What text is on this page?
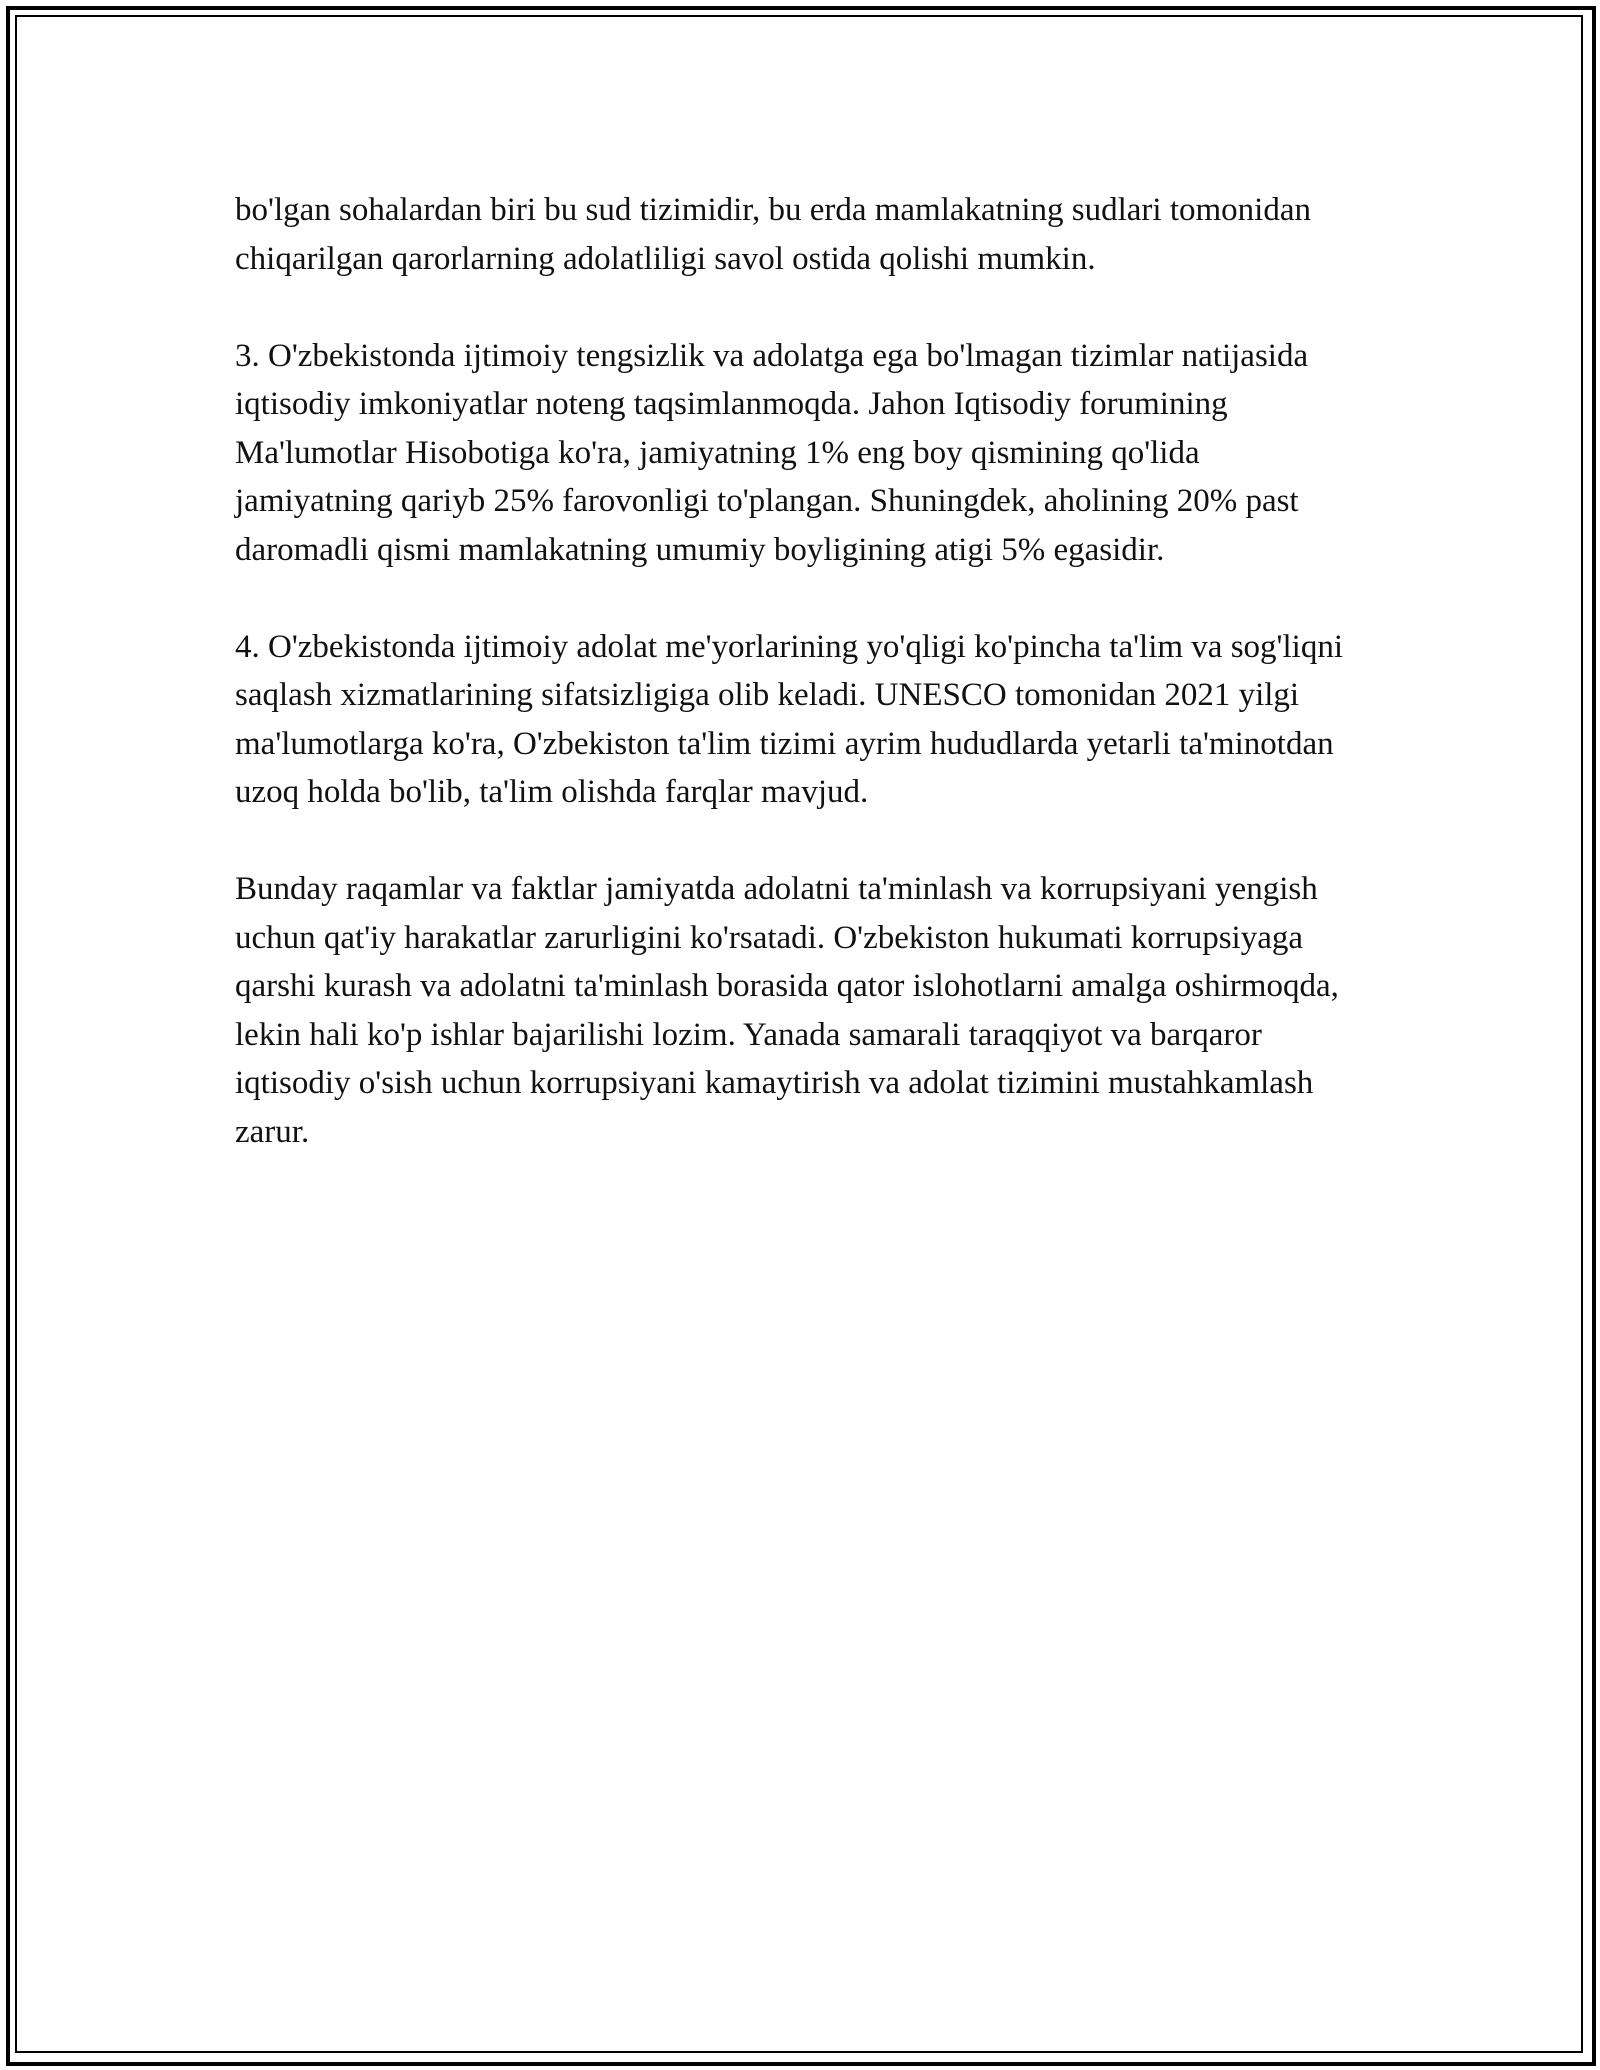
bo'lgan sohalardan biri bu sud tizimidir, bu erda mamlakatning sudlari tomonidan chiqarilgan qarorlarning adolatliligi savol ostida qolishi mumkin.

3. O'zbekistonda ijtimoiy tengsizlik va adolatga ega bo'lmagan tizimlar natijasida iqtisodiy imkoniyatlar noteng taqsimlanmoqda. Jahon Iqtisodiy forumining Ma'lumotlar Hisobotiga ko'ra, jamiyatning 1% eng boy qismining qo'lida jamiyatning qariyb 25% farovonligi to'plangan. Shuningdek, aholining 20% past daromadli qismi mamlakatning umumiy boyligining atigi 5% egasidir.

4. O'zbekistonda ijtimoiy adolat me'yorlarining yo'qligi ko'pincha ta'lim va sog'liqni saqlash xizmatlarining sifatsizligiga olib keladi. UNESCO tomonidan 2021 yilgi ma'lumotlarga ko'ra, O'zbekiston ta'lim tizimi ayrim hududlarda yetarli ta'minotdan uzoq holda bo'lib, ta'lim olishda farqlar mavjud.

Bunday raqamlar va faktlar jamiyatda adolatni ta'minlash va korrupsiyani yengish uchun qat'iy harakatlar zarurligini ko'rsatadi. O'zbekiston hukumati korrupsiyaga qarshi kurash va adolatni ta'minlash borasida qator islohotlarni amalga oshirmoqda, lekin hali ko'p ishlar bajarilishi lozim. Yanada samarali taraqqiyot va barqaror iqtisodiy o'sish uchun korrupsiyani kamaytirish va adolat tizimini mustahkamlash zarur.
